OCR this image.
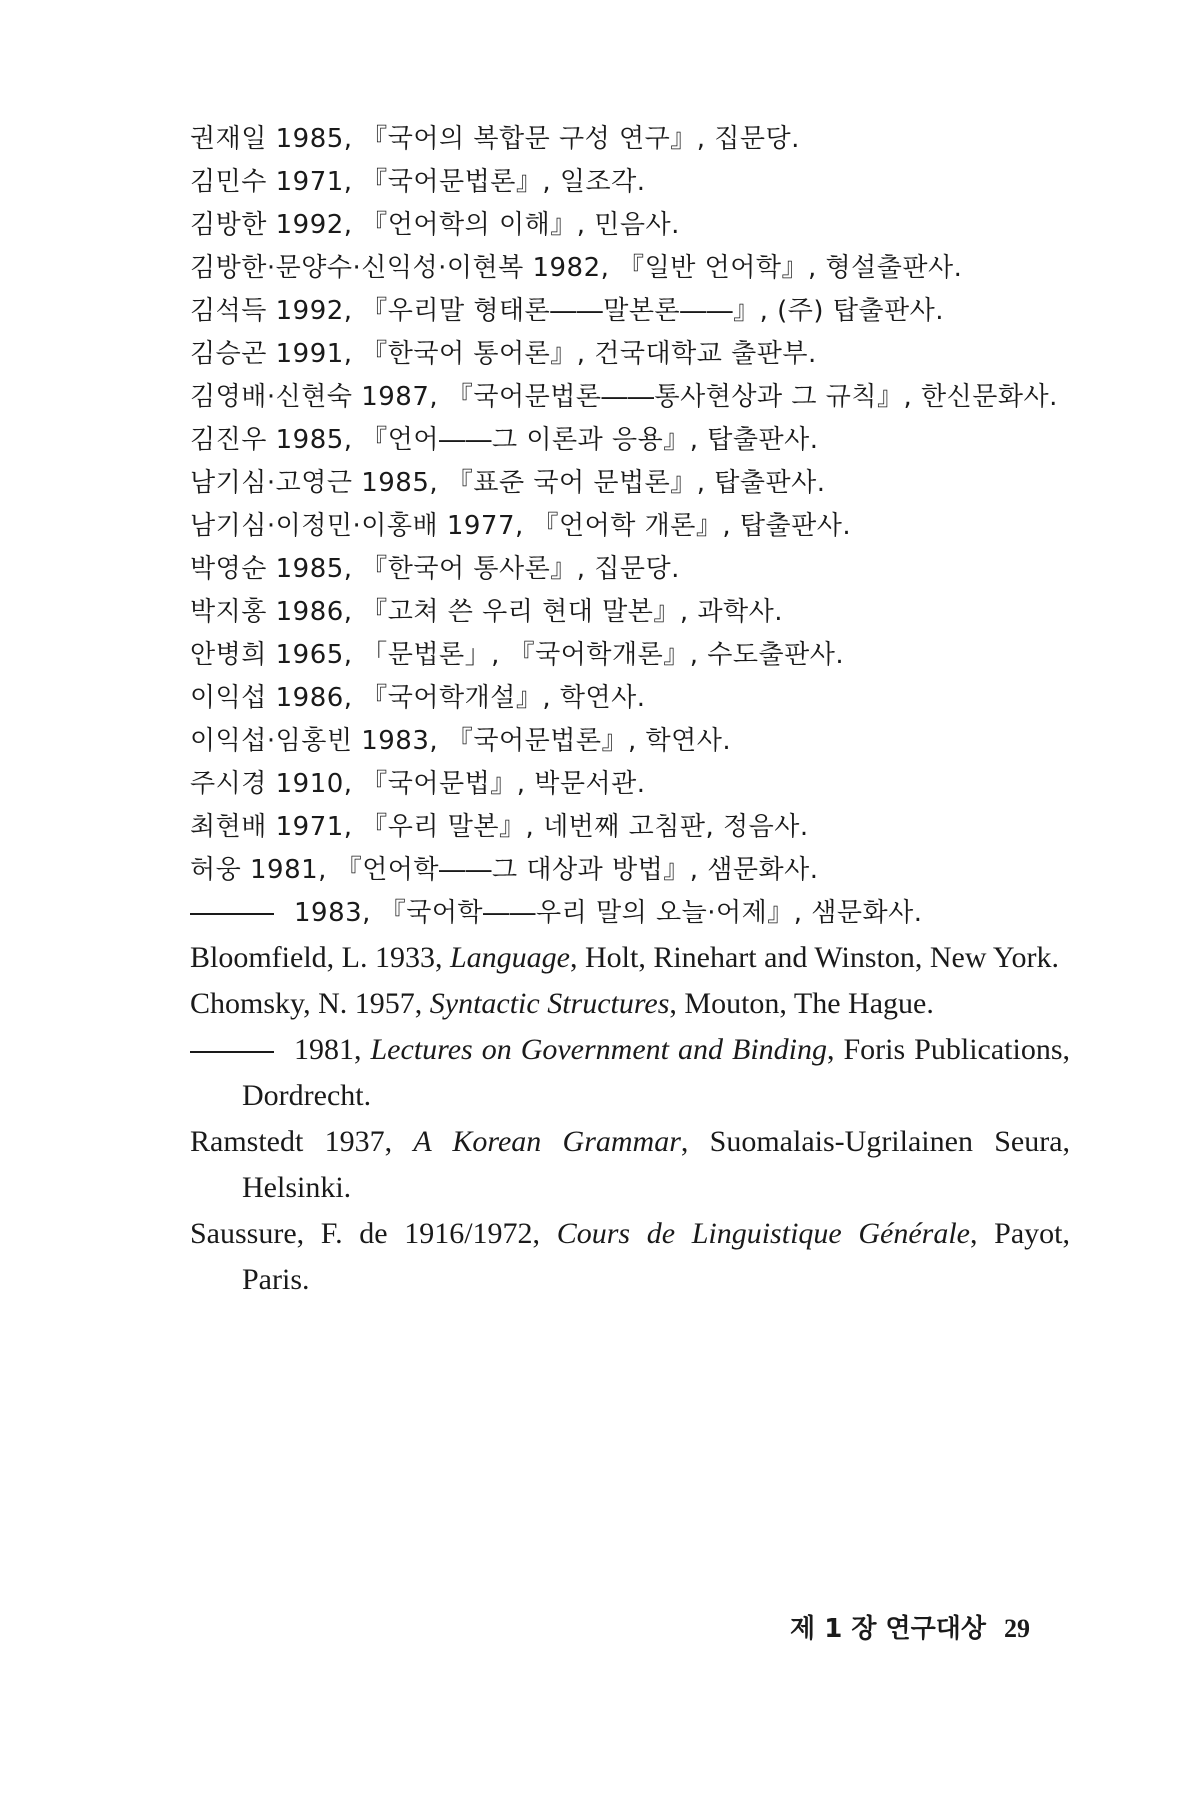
권재일 1985, 『국어의 복합문 구성 연구』, 집문당.
김민수 1971, 『국어문법론』, 일조각.
김방한 1992, 『언어학의 이해』, 민음사.
김방한·문양수·신익성·이현복 1982, 『일반 언어학』, 형설출판사.
김석득 1992, 『우리말 형태론――말본론――』, (주) 탑출판사.
김승곤 1991, 『한국어 통어론』, 건국대학교 출판부.
김영배·신현숙 1987, 『국어문법론――통사현상과 그 규칙』, 한신문화사.
김진우 1985, 『언어――그 이론과 응용』, 탑출판사.
남기심·고영근 1985, 『표준 국어 문법론』, 탑출판사.
남기심·이정민·이홍배 1977, 『언어학 개론』, 탑출판사.
박영순 1985, 『한국어 통사론』, 집문당.
박지홍 1986, 『고쳐 쓴 우리 현대 말본』, 과학사.
안병희 1965, 「문법론」, 『국어학개론』, 수도출판사.
이익섭 1986, 『국어학개설』, 학연사.
이익섭·임홍빈 1983, 『국어문법론』, 학연사.
주시경 1910, 『국어문법』, 박문서관.
최현배 1971, 『우리 말본』, 네번째 고침판, 정음사.
허웅 1981, 『언어학――그 대상과 방법』, 샘문화사.
1983, 『국어학――우리 말의 오늘·어제』, 샘문화사.
Bloomfield, L. 1933, Language, Holt, Rinehart and Winston, New York.
Chomsky, N. 1957, Syntactic Structures, Mouton, The Hague.
1981, Lectures on Government and Binding, Foris Publications, Dordrecht.
Ramstedt 1937, A Korean Grammar, Suomalais-Ugrilainen Seura, Helsinki.
Saussure, F. de 1916/1972, Cours de Linguistique Générale, Payot, Paris.
제 1 장 연구대상 29
